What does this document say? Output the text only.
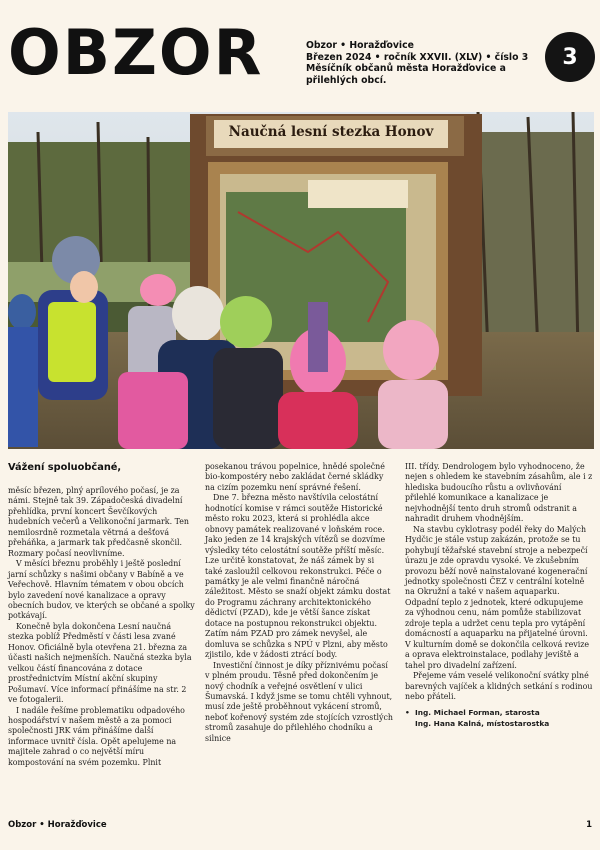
OBZOR	Obzor • Horažďovice
Březen 2024 • ročník XXVII. (XLV) • číslo 3
Měsíčník občanů města Horažďovice a přilehlých obcí.
3
Naučná lesní stezka Honov
Vážení spoluobčané,

měsíc březen, plný aprílového počasí, je za námi. Stejně tak 39. Západočeská divadelní přehlídka, první koncert Ševčíkových hudebních večerů a Velikonoční jarmark. Ten nemilosrdně rozmetala větrná a dešťová přeháňka, a jarmark tak předčasně skončil. Rozmary počasí neovlivníme.

V měsíci březnu proběhly i ještě poslední jarní schůzky s našimi občany v Babíně a ve Veřechově. Hlavním tématem v obou obcích bylo zavedení nové kanalizace a opravy obecních budov, ve kterých se občané a spolky potkávají.

Konečně byla dokončena Lesní naučná stezka poblíž Předměstí v části lesa zvané Honov. Oficiálně byla otevřena 21. března za účasti našich nejmenších. Naučná stezka byla velkou částí financována z dotace prostřednictvím Místní akční skupiny Pošumaví. Více informací přinášíme na str. 2 ve fotogalerii.

I nadále řešíme problematiku odpadového hospodářství v našem městě a za pomoci společnosti JRK vám přinášíme další informace uvnitř čísla. Opět apelujeme na majitele zahrad o co největší míru kompostování na svém pozemku. Plnit

posekanou trávou popelnice, hnědé společné bio-kompostéry nebo zakládat černé skládky na cizím pozemku není správné řešení.

Dne 7. března město navštívila celostátní hodnotící komise v rámci soutěže Historické město roku 2023, která si prohlédla akce obnovy památek realizované v loňském roce. Jako jeden ze 14 krajských vítězů se dozvíme výsledky této celostátní soutěže příští měsíc. Lze určitě konstatovat, že náš zámek by si také zasloužil celkovou rekonstrukci. Péče o památky je ale velmi finančně náročná záležitost. Město se snaží objekt zámku dostat do Programu záchrany architektonického dědictví (PZAD), kde je větší šance získat dotace na postupnou rekonstrukci objektu. Zatím nám PZAD pro zámek nevyšel, ale domluva se schůzka s NPÚ v Plzni, aby město zjistilo, kde v žádosti ztrácí body.

Investiční činnost je díky příznivému počasí v plném proudu. Těsně před dokončením je nový chodník a veřejné osvětlení v ulici Šumavská. I když jsme se tomu chtěli vyhnout, musí zde ještě proběhnout vykácení stromů, neboť kořenový systém zde stojících vzrostlých stromů zasahuje do přilehlého chodníku a silnice

III. třídy. Dendrologem bylo vyhodnoceno, že nejen s ohledem ke stavebním zásahům, ale i z hlediska budoucího růstu a ovlivňování přilehlé komunikace a kanalizace je nejvhodnější tento druh stromů odstranit a nahradit druhem vhodnějším.

Na stavbu cyklotrasy podél řeky do Malých Hydčic je stále vstup zakázán, protože se tu pohybují těžařské stavební stroje a nebezpečí úrazu je zde opravdu vysoké. Ve zkušebním provozu běží nově nainstalované kogenerační jednotky společnosti ČEZ v centrální kotelně na Okružní a také v našem aquaparku. Odpadní teplo z jednotek, které odkupujeme za výhodnou cenu, nám pomůže stabilizovat zdroje tepla a udržet cenu tepla pro vytápění domácností a aquaparku na přijatelné úrovni. V kulturním domě se dokončila celková revize a oprava elektroinstalace, podlahy jeviště a tahel pro divadelní zařízení.

Přejeme vám veselé velikonoční svátky plné barevných vajíček a klidných setkání s rodinou nebo přáteli.

• Ing. Michael Forman, starosta
Ing. Hana Kalná, místostarostka
Obzor • Horažďovice	1
